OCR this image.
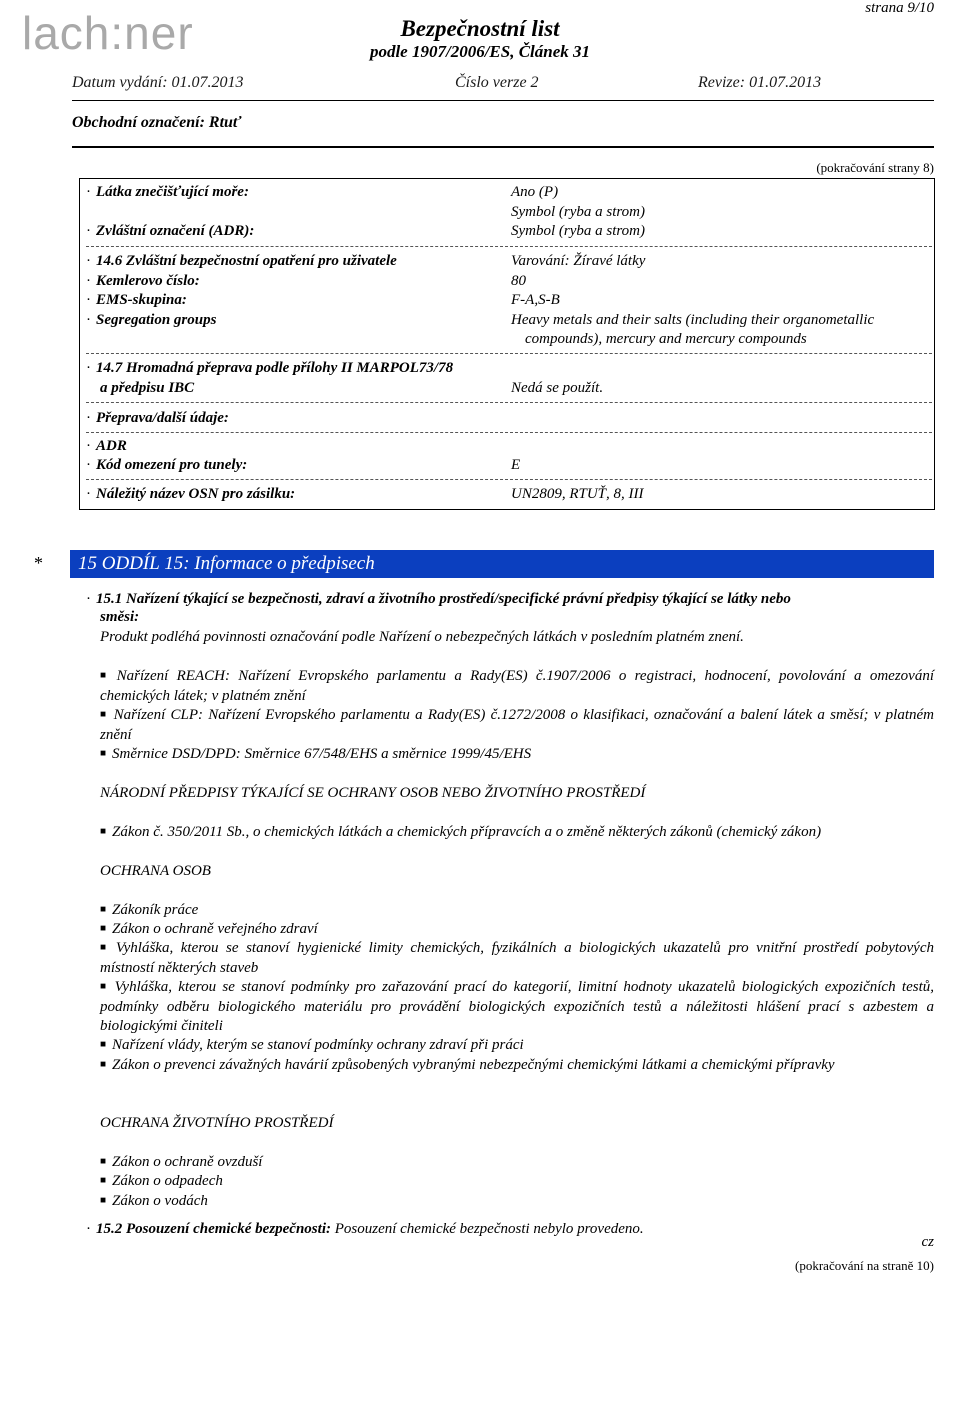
lach:ner	strana 9/10
Bezpečnostní list
podle 1907/2006/ES, Článek 31
Datum vydání: 01.07.2013	Číslo verze 2	Revize: 01.07.2013
Obchodní označení: Rtuť
(pokračování strany 8)
· Látka znečišťující moře:	Ano (P)
Symbol (ryba a strom)
· Zvláštní označení (ADR):	Symbol (ryba a strom)
· 14.6 Zvláštní bezpečnostní opatření pro uživatele	Varování: Žíravé látky
· Kemlerovo číslo:	80
· EMS-skupina:	F-A,S-B
· Segregation groups	Heavy metals and their salts (including their organometallic
compounds), mercury and mercury compounds
· 14.7 Hromadná přeprava podle přílohy II MARPOL73/78
a předpisu IBC	Nedá se použít.
· Přeprava/další údaje:
· ADR
· Kód omezení pro tunely:	E
· Náležitý název OSN pro zásilku:	UN2809, RTUŤ, 8, III
*	15 ODDÍL 15: Informace o předpisech
· 15.1 Nařízení týkající se bezpečnosti, zdraví a životního prostředí/specifické právní předpisy týkající se látky nebo
směsi:
Produkt podléhá povinnosti označování podle Nařízení o nebezpečných látkách v posledním platném znení.
■ Nařízení REACH: Nařízení Evropského parlamentu a Rady(ES) č.1907/2006 o registraci, hodnocení, povolování a omezování chemických látek; v platném znění
■ Nařízení CLP: Nařízení Evropského parlamentu a Rady(ES) č.1272/2008 o klasifikaci, označování a balení látek a směsí; v platném znění
■ Směrnice DSD/DPD: Směrnice 67/548/EHS a směrnice 1999/45/EHS
NÁRODNÍ PŘEDPISY TÝKAJÍCÍ SE OCHRANY OSOB NEBO ŽIVOTNÍHO PROSTŘEDÍ
■ Zákon č. 350/2011 Sb., o chemických látkách a chemických přípravcích a o změně některých zákonů (chemický zákon)
OCHRANA OSOB
■ Zákoník práce
■ Zákon o ochraně veřejného zdraví
■ Vyhláška, kterou se stanoví hygienické limity chemických, fyzikálních a biologických ukazatelů pro vnitřní prostředí pobytových místností některých staveb
■ Vyhláška, kterou se stanoví podmínky pro zařazování prací do kategorií, limitní hodnoty ukazatelů biologických expozičních testů, podmínky odběru biologického materiálu pro provádění biologických expozičních testů a náležitosti hlášení prací s azbestem a biologickými činiteli
■ Nařízení vlády, kterým se stanoví podmínky ochrany zdraví při práci
■ Zákon o prevenci závažných havárií způsobených vybranými nebezpečnými chemickými látkami a chemickými přípravky
OCHRANA ŽIVOTNÍHO PROSTŘEDÍ
■ Zákon o ochraně ovzduší
■ Zákon o odpadech
■ Zákon o vodách
· 15.2 Posouzení chemické bezpečnosti: Posouzení chemické bezpečnosti nebylo provedeno.
cz
(pokračování na straně 10)
